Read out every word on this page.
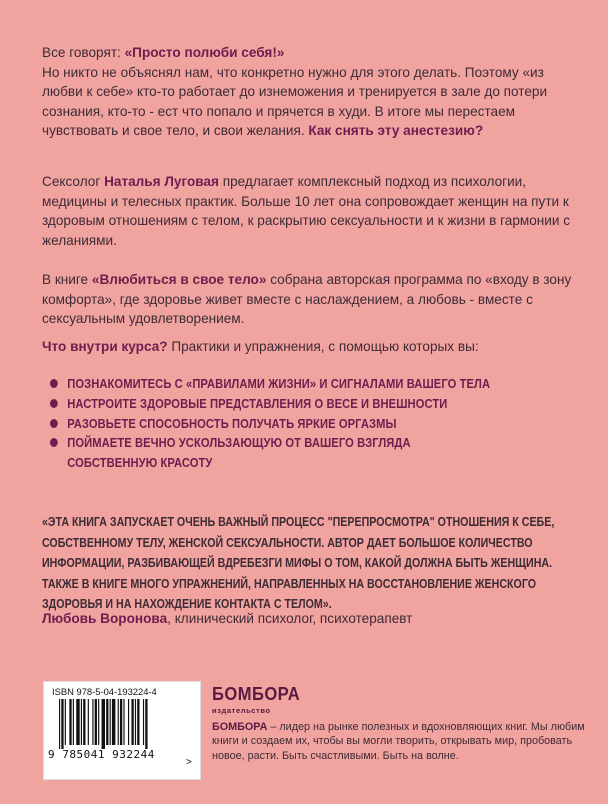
Все говорят: «Просто полюби себя!»
Но никто не объяснял нам, что конкретно нужно для этого делать. Поэтому «из любви к себе» кто-то работает до изнеможения и тренируется в зале до потери сознания, кто-то - ест что попало и прячется в худи. В итоге мы перестаем чувствовать и свое тело, и свои желания. Как снять эту анестезию?

Сексолог Наталья Луговая предлагает комплексный подход из психологии, медицины и телесных практик. Больше 10 лет она сопровождает женщин на пути к здоровым отношениям с телом, к раскрытию сексуальности и к жизни в гармонии с желаниями.

В книге «Влюбиться в свое тело» собрана авторская программа по «входу в зону комфорта», где здоровье живет вместе с наслаждением, а любовь - вместе с сексуальным удовлетворением.

Что внутри курса? Практики и упражнения, с помощью которых вы:

ПОЗНАКОМИТЕСЬ С «ПРАВИЛАМИ ЖИЗНИ» И СИГНАЛАМИ ВАШЕГО ТЕЛА
НАСТРОИТЕ ЗДОРОВЫЕ ПРЕДСТАВЛЕНИЯ О ВЕСЕ И ВНЕШНОСТИ
РАЗОВЬЕТЕ СПОСОБНОСТЬ ПОЛУЧАТЬ ЯРКИЕ ОРГАЗМЫ
ПОЙМАЕТЕ ВЕЧНО УСКОЛЬЗАЮЩУЮ ОТ ВАШЕГО ВЗГЛЯДА
СОБСТВЕННУЮ КРАСОТУ

«ЭТА КНИГА ЗАПУСКАЕТ ОЧЕНЬ ВАЖНЫЙ ПРОЦЕСС "ПЕРЕПРОСМОТРА" ОТНОШЕНИЯ К СЕБЕ,
СОБСТВЕННОМУ ТЕЛУ, ЖЕНСКОЙ СЕКСУАЛЬНОСТИ. АВТОР ДАЕТ БОЛЬШОЕ КОЛИЧЕСТВО
ИНФОРМАЦИИ, РАЗБИВАЮЩЕЙ ВДРЕБЕЗГИ МИФЫ О ТОМ, КАКОЙ ДОЛЖНА БЫТЬ ЖЕНЩИНА.
ТАКЖЕ В КНИГЕ МНОГО УПРАЖНЕНИЙ, НАПРАВЛЕННЫХ НА ВОССТАНОВЛЕНИЕ ЖЕНСКОГО
ЗДОРОВЬЯ И НА НАХОЖДЕНИЕ КОНТАКТА С ТЕЛОМ».

Любовь Воронова, клинический психолог, психотерапевт

ISBN 978-5-04-193224-4
9 785041 932244
>
БОМБОРА
издательство

БОМБОРА – лидер на рынке полезных и вдохновляющих книг. Мы любим книги и создаем их, чтобы вы могли творить, открывать мир, пробовать новое, расти. Быть счастливыми. Быть на волне.
